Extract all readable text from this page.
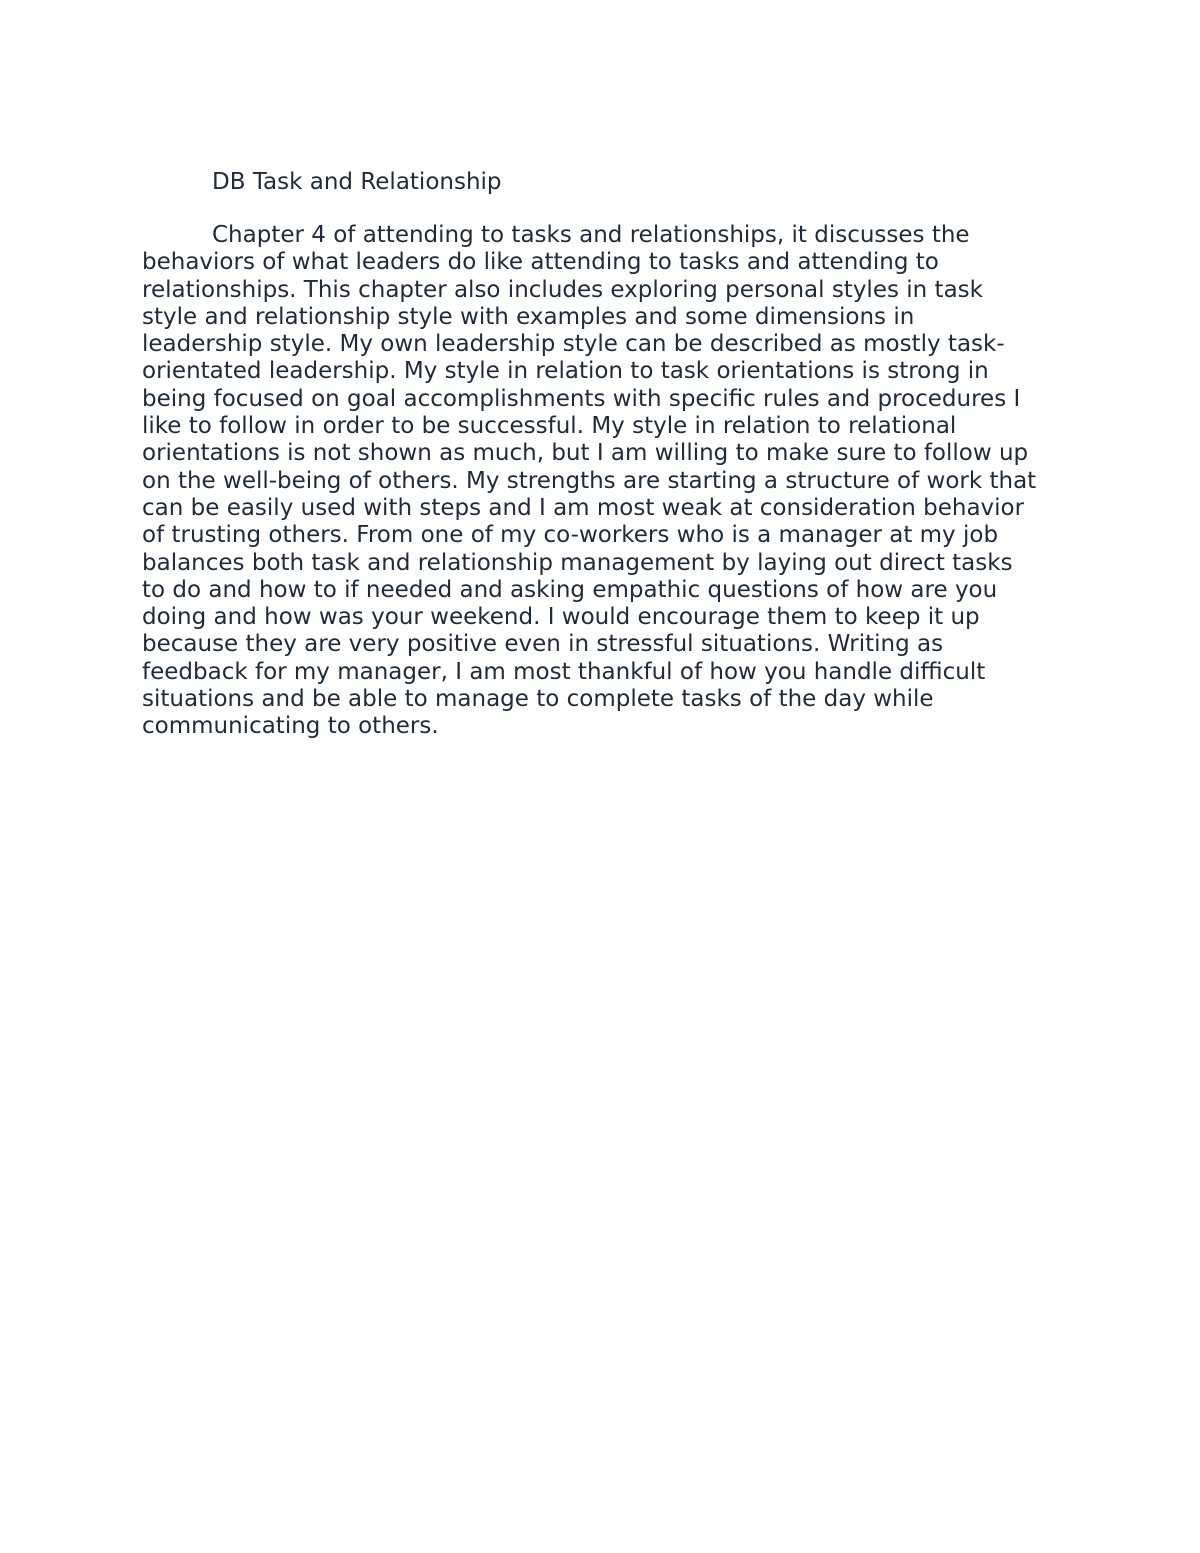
DB Task and Relationship
Chapter 4 of attending to tasks and relationships, it discusses the
behaviors of what leaders do like attending to tasks and attending to
relationships. This chapter also includes exploring personal styles in task
style and relationship style with examples and some dimensions in
leadership style. My own leadership style can be described as mostly task-
orientated leadership. My style in relation to task orientations is strong in
being focused on goal accomplishments with specific rules and procedures I
like to follow in order to be successful. My style in relation to relational
orientations is not shown as much, but I am willing to make sure to follow up
on the well-being of others. My strengths are starting a structure of work that
can be easily used with steps and I am most weak at consideration behavior
of trusting others. From one of my co-workers who is a manager at my job
balances both task and relationship management by laying out direct tasks
to do and how to if needed and asking empathic questions of how are you
doing and how was your weekend. I would encourage them to keep it up
because they are very positive even in stressful situations. Writing as
feedback for my manager, I am most thankful of how you handle difficult
situations and be able to manage to complete tasks of the day while
communicating to others.
